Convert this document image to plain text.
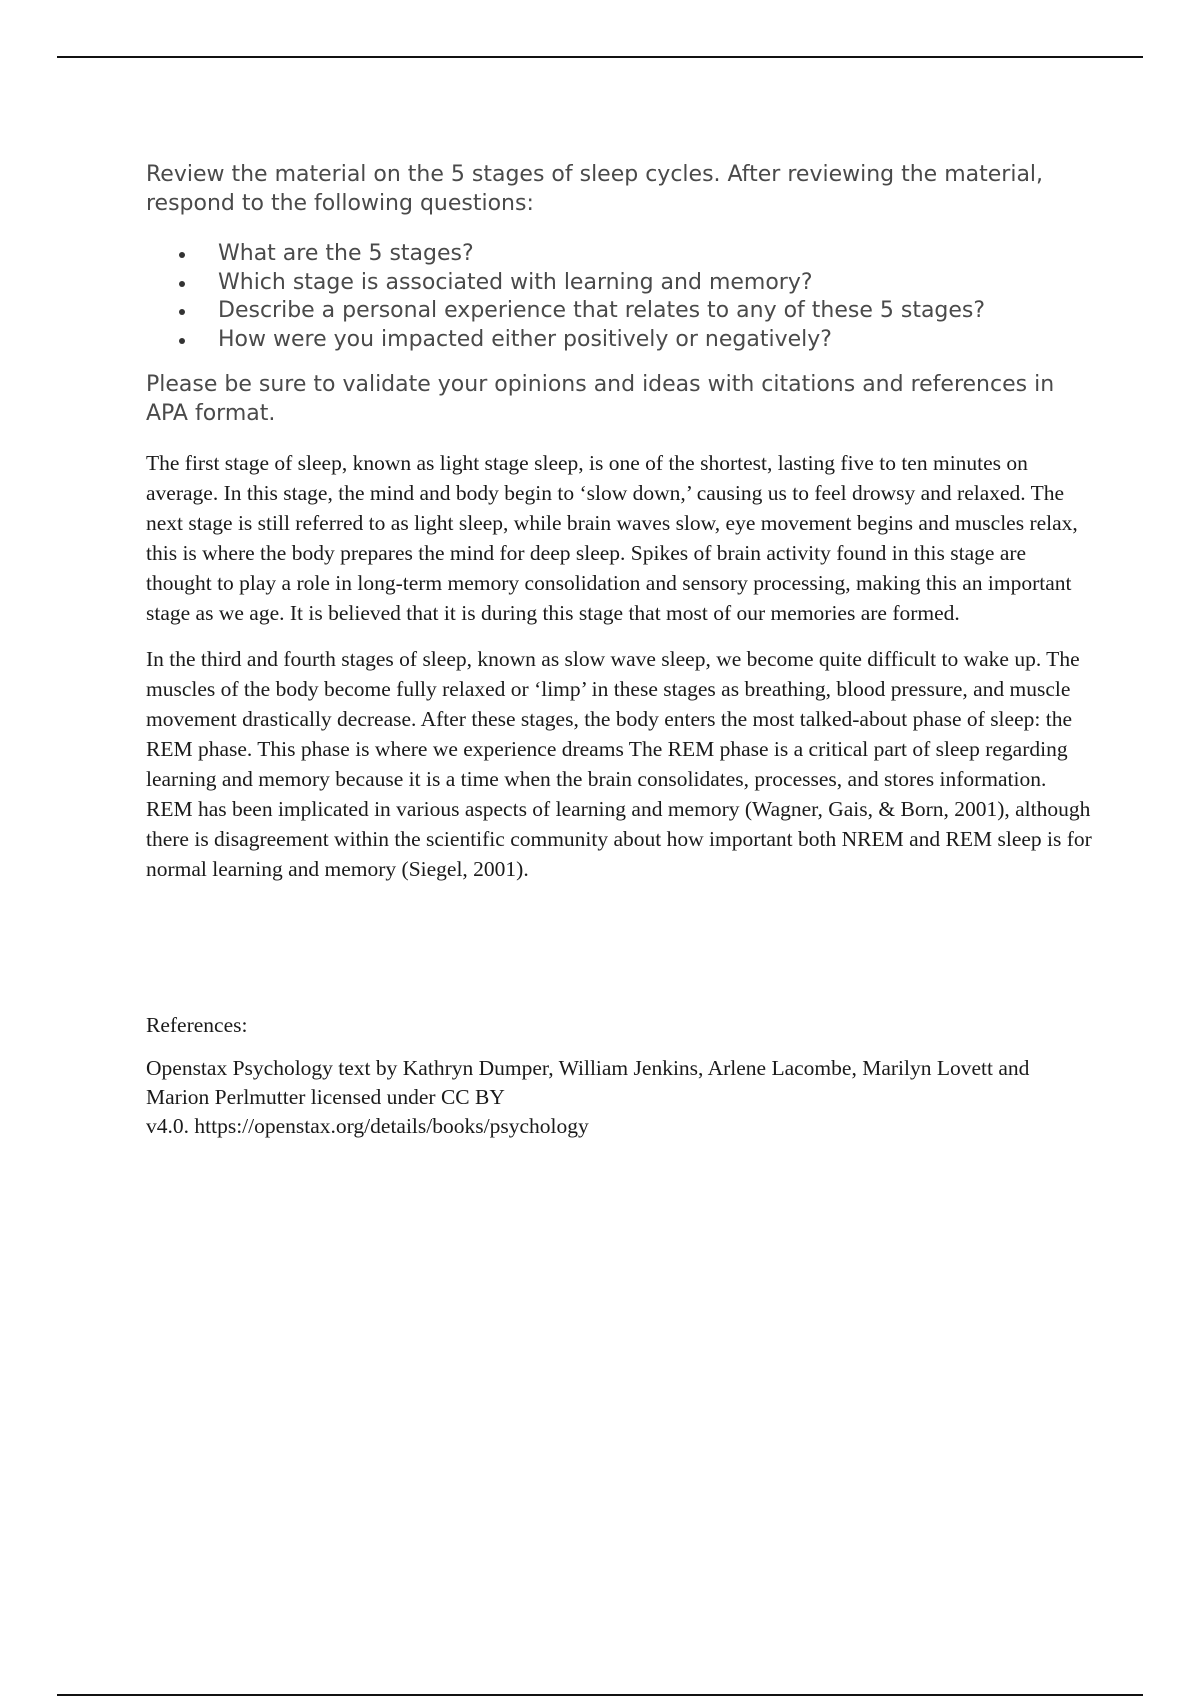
Review the material on the 5 stages of sleep cycles. After reviewing the material, respond to the following questions:

What are the 5 stages?
Which stage is associated with learning and memory?
Describe a personal experience that relates to any of these 5 stages?
How were you impacted either positively or negatively?

Please be sure to validate your opinions and ideas with citations and references in APA format.

The first stage of sleep, known as light stage sleep, is one of the shortest, lasting five to ten minutes on average. In this stage, the mind and body begin to ‘slow down,’ causing us to feel drowsy and relaxed. The next stage is still referred to as light sleep, while brain waves slow, eye movement begins and muscles relax, this is where the body prepares the mind for deep sleep. Spikes of brain activity found in this stage are thought to play a role in long-term memory consolidation and sensory processing, making this an important stage as we age. It is believed that it is during this stage that most of our memories are formed.

In the third and fourth stages of sleep, known as slow wave sleep, we become quite difficult to wake up. The muscles of the body become fully relaxed or ‘limp’ in these stages as breathing, blood pressure, and muscle movement drastically decrease. After these stages, the body enters the most talked-about phase of sleep: the REM phase. This phase is where we experience dreams The REM phase is a critical part of sleep regarding learning and memory because it is a time when the brain consolidates, processes, and stores information. REM has been implicated in various aspects of learning and memory (Wagner, Gais, & Born, 2001), although there is disagreement within the scientific community about how important both NREM and REM sleep is for normal learning and memory (Siegel, 2001).

References:

Openstax Psychology text by Kathryn Dumper, William Jenkins, Arlene Lacombe, Marilyn Lovett and Marion Perlmutter licensed under CC BY
v4.0. https://openstax.org/details/books/psychology
